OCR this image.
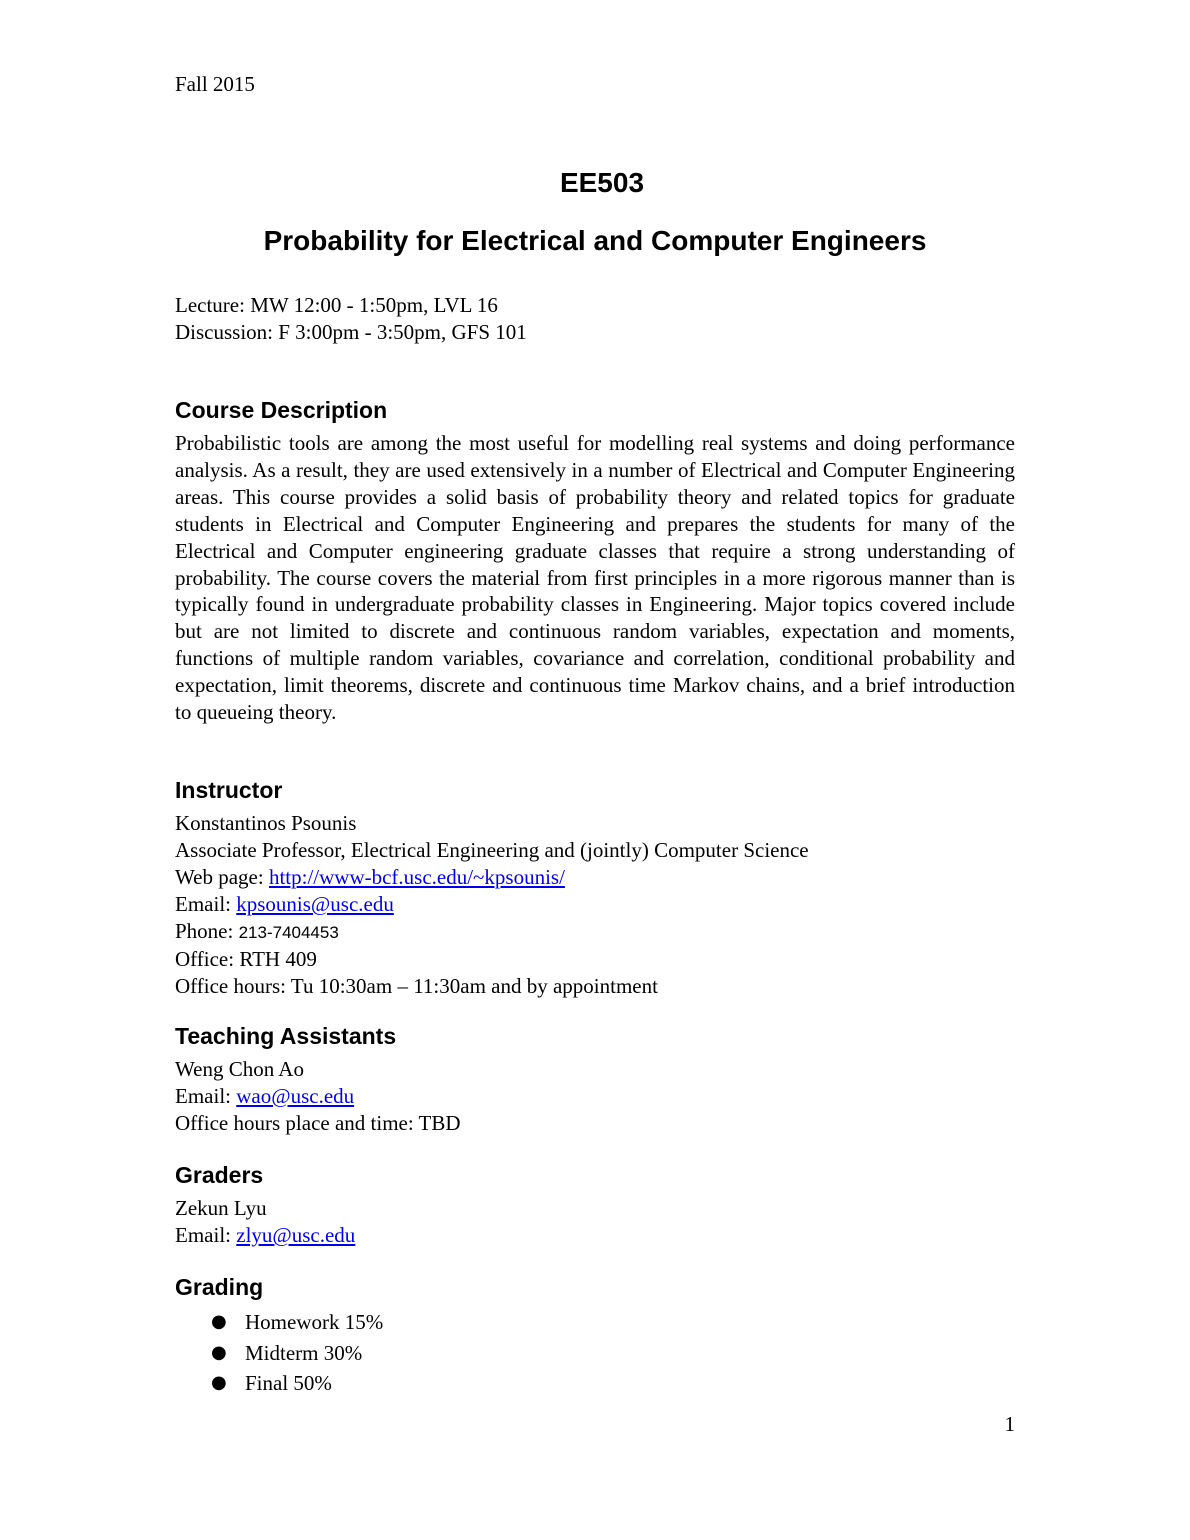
Fall 2015
EE503
Probability for Electrical and Computer Engineers
Lecture: MW 12:00 - 1:50pm, LVL 16
Discussion: F 3:00pm - 3:50pm, GFS 101
Course Description

Probabilistic tools are among the most useful for modelling real systems and doing performance analysis. As a result, they are used extensively in a number of Electrical and Computer Engineering areas. This course provides a solid basis of probability theory and related topics for graduate students in Electrical and Computer Engineering and prepares the students for many of the Electrical and Computer engineering graduate classes that require a strong understanding of probability. The course covers the material from first principles in a more rigorous manner than is typically found in undergraduate probability classes in Engineering. Major topics covered include but are not limited to discrete and continuous random variables, expectation and moments, functions of multiple random variables, covariance and correlation, conditional probability and expectation, limit theorems, discrete and continuous time Markov chains, and a brief introduction to queueing theory.

Instructor
Konstantinos Psounis
Associate Professor, Electrical Engineering and (jointly) Computer Science
Web page: http://www-bcf.usc.edu/~kpsounis/
Email: kpsounis@usc.edu
Phone: 213-7404453
Office: RTH 409
Office hours: Tu 10:30am – 11:30am and by appointment
Teaching Assistants
Weng Chon Ao
Email: wao@usc.edu
Office hours place and time: TBD
Graders
Zekun Lyu
Email: zlyu@usc.edu
Grading
● Homework 15%
● Midterm 30%
● Final 50%
1
